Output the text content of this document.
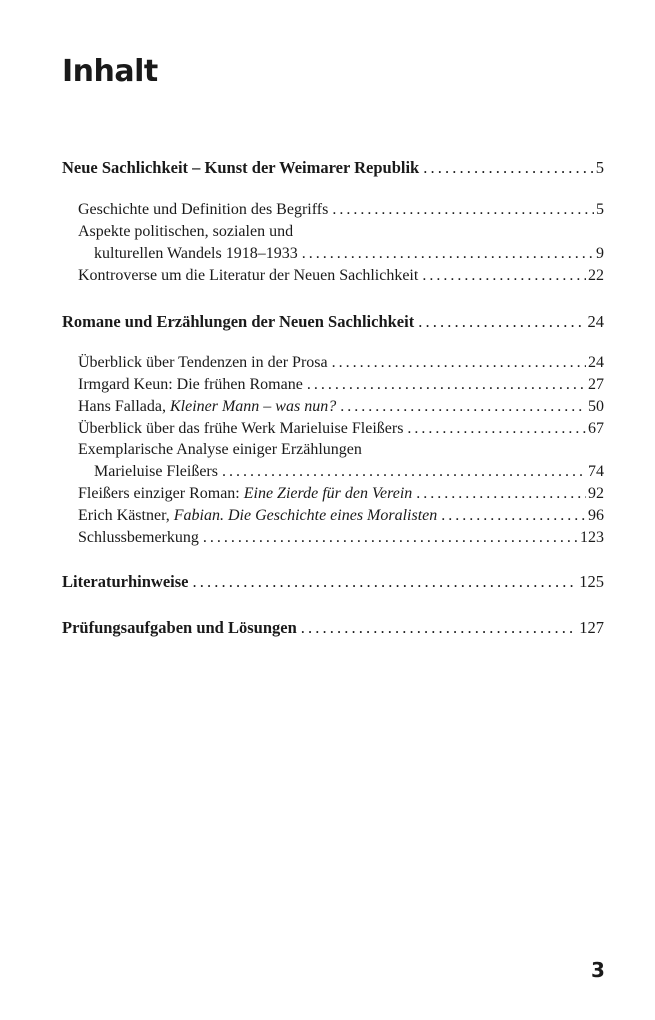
Inhalt
Neue Sachlichkeit – Kunst der Weimarer Republik . . .	5
Geschichte und Definition des Begriffs . . .	5
Aspekte politischen, sozialen und
kulturellen Wandels 1918–1933 . . .	9
Kontroverse um die Literatur der Neuen Sachlichkeit . . .	22
Romane und Erzählungen der Neuen Sachlichkeit . . .	24
Überblick über Tendenzen in der Prosa . . .	24
Irmgard Keun: Die frühen Romane . . .	27
Hans Fallada, Kleiner Mann – was nun? . . .	50
Überblick über das frühe Werk Marieluise Fleißers . . .	67
Exemplarische Analyse einiger Erzählungen
Marieluise Fleißers . . .	74
Fleißers einziger Roman: Eine Zierde für den Verein . . .	92
Erich Kästner, Fabian. Die Geschichte eines Moralisten . . .	96
Schlussbemerkung . . .	123
Literaturhinweise . . .	125
Prüfungsaufgaben und Lösungen . . .	127
3
